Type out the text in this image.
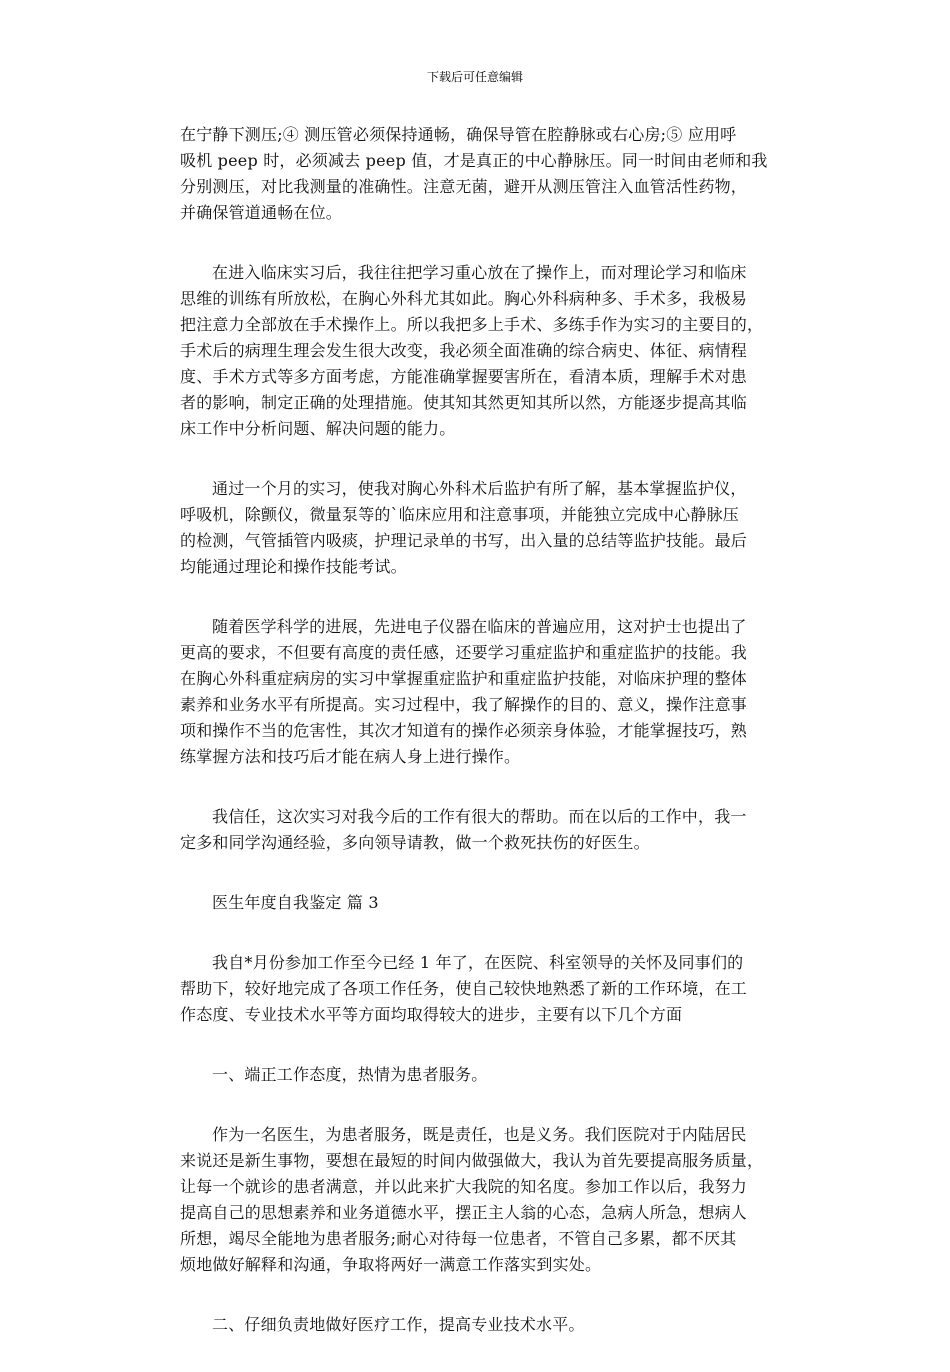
下载后可任意编辑

在宁静下测压;④ 测压管必须保持通畅，确保导管在腔静脉或右心房;⑤ 应用呼
吸机 peep 时，必须减去 peep 值，才是真正的中心静脉压。同一时间由老师和我
分别测压，对比我测量的准确性。注意无菌，避开从测压管注入血管活性药物，
并确保管道通畅在位。

在进入临床实习后，我往往把学习重心放在了操作上，而对理论学习和临床
思维的训练有所放松，在胸心外科尤其如此。胸心外科病种多、手术多，我极易
把注意力全部放在手术操作上。所以我把多上手术、多练手作为实习的主要目的，
手术后的病理生理会发生很大改变，我必须全面准确的综合病史、体征、病情程
度、手术方式等多方面考虑，方能准确掌握要害所在，看清本质，理解手术对患
者的影响，制定正确的处理措施。使其知其然更知其所以然，方能逐步提高其临
床工作中分析问题、解决问题的能力。

通过一个月的实习，使我对胸心外科术后监护有所了解，基本掌握监护仪，
呼吸机，除颤仪，微量泵等的`临床应用和注意事项，并能独立完成中心静脉压
的检测，气管插管内吸痰，护理记录单的书写，出入量的总结等监护技能。最后
均能通过理论和操作技能考试。

随着医学科学的进展，先进电子仪器在临床的普遍应用，这对护士也提出了
更高的要求，不但要有高度的责任感，还要学习重症监护和重症监护的技能。我
在胸心外科重症病房的实习中掌握重症监护和重症监护技能，对临床护理的整体
素养和业务水平有所提高。实习过程中，我了解操作的目的、意义，操作注意事
项和操作不当的危害性，其次才知道有的操作必须亲身体验，才能掌握技巧，熟
练掌握方法和技巧后才能在病人身上进行操作。

我信任，这次实习对我今后的工作有很大的帮助。而在以后的工作中，我一
定多和同学沟通经验，多向领导请教，做一个救死扶伤的好医生。

医生年度自我鉴定 篇 3

我自*月份参加工作至今已经 1 年了，在医院、科室领导的关怀及同事们的
帮助下，较好地完成了各项工作任务，使自己较快地熟悉了新的工作环境，在工
作态度、专业技术水平等方面均取得较大的进步，主要有以下几个方面

一、端正工作态度，热情为患者服务。

作为一名医生，为患者服务，既是责任，也是义务。我们医院对于内陆居民
来说还是新生事物，要想在最短的时间内做强做大，我认为首先要提高服务质量，
让每一个就诊的患者满意，并以此来扩大我院的知名度。参加工作以后，我努力
提高自己的思想素养和业务道德水平，摆正主人翁的心态，急病人所急，想病人
所想，竭尽全能地为患者服务;耐心对待每一位患者，不管自己多累，都不厌其
烦地做好解释和沟通，争取将两好一满意工作落实到实处。

二、仔细负责地做好医疗工作，提高专业技术水平。
